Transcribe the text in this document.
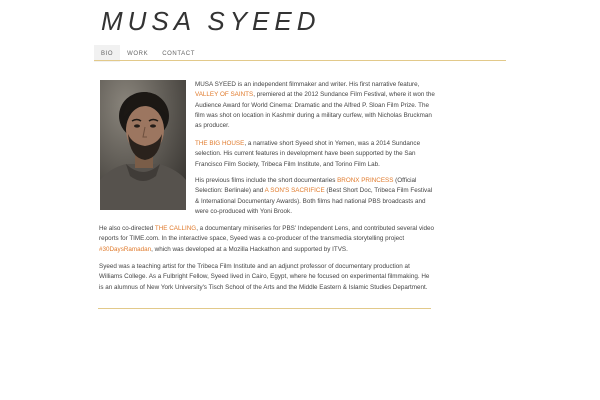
MUSA SYEED
BIO	WORK	CONTACT

MUSA SYEED is an independent filmmaker and writer. His first narrative feature, VALLEY OF SAINTS, premiered at the 2012 Sundance Film Festival, where it won the Audience Award for World Cinema: Dramatic and the Alfred P. Sloan Film Prize. The film was shot on location in Kashmir during a military curfew, with Nicholas Bruckman as producer.

THE BIG HOUSE, a narrative short Syeed shot in Yemen, was a 2014 Sundance selection. His current features in development have been supported by the San Francisco Film Society, Tribeca Film Institute, and Torino Film Lab.

His previous films include the short documentaries BRONX PRINCESS (Official Selection: Berlinale) and A SON'S SACRIFICE (Best Short Doc, Tribeca Film Festival & International Documentary Awards). Both films had national PBS broadcasts and were co-produced with Yoni Brook.

He also co-directed THE CALLING, a documentary miniseries for PBS' Independent Lens, and contributed several video reports for TIME.com. In the interactive space, Syeed was a co-producer of the transmedia storytelling project #30DaysRamadan, which was developed at a Mozilla Hackathon and supported by ITVS.

Syeed was a teaching artist for the Tribeca Film Institute and an adjunct professor of documentary production at Williams College. As a Fulbright Fellow, Syeed lived in Cairo, Egypt, where he focused on experimental filmmaking. He is an alumnus of New York University's Tisch School of the Arts and the Middle Eastern & Islamic Studies Department.
